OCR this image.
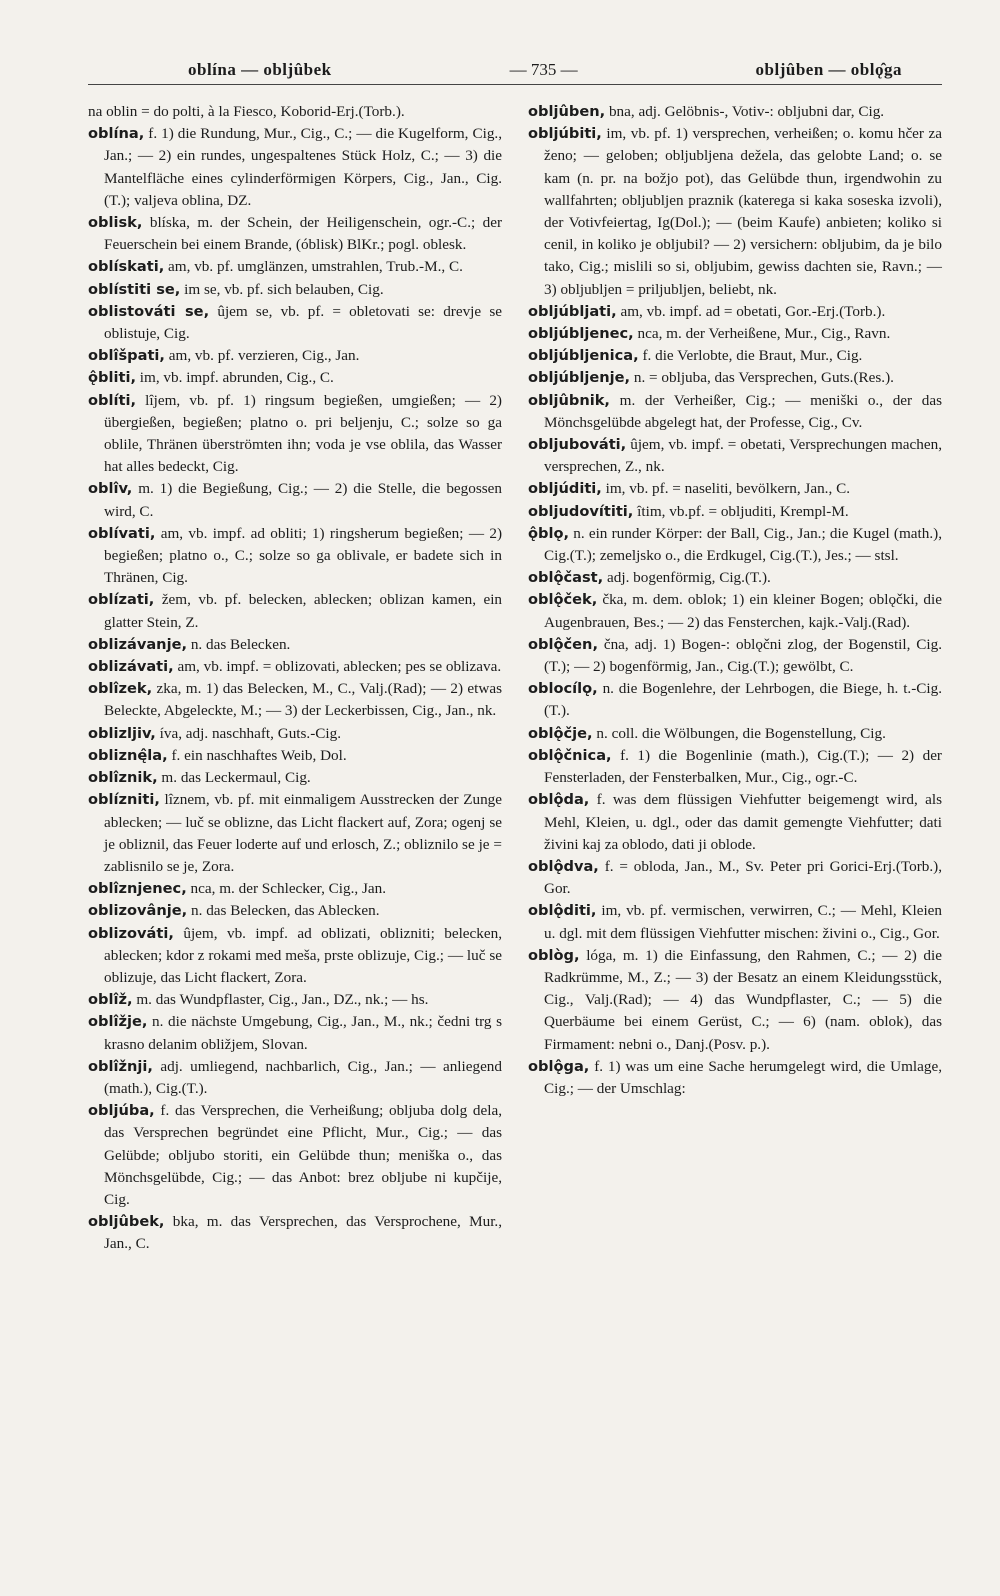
oblína — obljûbek	— 735 —	obljûben — oblǫ̂ga
na oblin = do polti, à la Fiesco, Koborid-Erj.(Torb.).
oblína, f. 1) die Rundung, Mur., Cig., C.; — die Kugelform, Cig., Jan.; — 2) ein rundes, ungespaltenes Stück Holz, C.; — 3) die Mantelfläche eines cylinderförmigen Körpers, Cig., Jan., Cig.(T.); valjeva oblina, DZ.
oblisk, blíska, m. der Schein, der Heiligenschein, ogr.-C.; der Feuerschein bei einem Brande, (óblisk) BlKr.; pogl. oblesk.
oblískati, am, vb. pf. umglänzen, umstrahlen, Trub.-M., C.
oblístiti se, im se, vb. pf. sich belauben, Cig.
oblistováti se, ûjem se, vb. pf. = obletovati se: drevje se oblistuje, Cig.
oblîšpati, am, vb. pf. verzieren, Cig., Jan.
ǫ̂bliti, im, vb. impf. abrunden, Cig., C.
oblíti, lîjem, vb. pf. 1) ringsum begießen, umgießen; — 2) übergießen, begießen; platno o. pri beljenju, C.; solze so ga oblile, Thränen überströmten ihn; voda je vse oblila, das Wasser hat alles bedeckt, Cig.
oblîv, m. 1) die Begießung, Cig.; — 2) die Stelle, die begossen wird, C.
oblívati, am, vb. impf. ad obliti; 1) ringsherum begießen; — 2) begießen; platno o., C.; solze so ga oblivale, er badete sich in Thränen, Cig.
oblízati, žem, vb. pf. belecken, ablecken; oblizan kamen, ein glatter Stein, Z.
oblizávanje, n. das Belecken.
oblizávati, am, vb. impf. = oblizovati, ablecken; pes se oblizava.
oblîzek, zka, m. 1) das Belecken, M., C., Valj.(Rad); — 2) etwas Beleckte, Abgeleckte, M.; — 3) der Leckerbissen, Cig., Jan., nk.
oblizljiv, íva, adj. naschhaft, Guts.-Cig.
obliznę̂la, f. ein naschhaftes Weib, Dol.
oblîznik, m. das Leckermaul, Cig.
oblízniti, lîznem, vb. pf. mit einmaligem Ausstrecken der Zunge ablecken; — luč se oblizne, das Licht flackert auf, Zora; ogenj se je obliznil, das Feuer loderte auf und erlosch, Z.; obliznilo se je = zablisnilo se je, Zora.
oblîznjenec, nca, m. der Schlecker, Cig., Jan.
oblizovânje, n. das Belecken, das Ablecken.
oblizováti, ûjem, vb. impf. ad oblizati, oblizniti; belecken, ablecken; kdor z rokami med meša, prste oblizuje, Cig.; — luč se oblizuje, das Licht flackert, Zora.
oblîž, m. das Wundpflaster, Cig., Jan., DZ., nk.; — hs.
oblîžje, n. die nächste Umgebung, Cig., Jan., M., nk.; čedni trg s krasno delanim obližjem, Slovan.
oblîžnji, adj. umliegend, nachbarlich, Cig., Jan.; — anliegend (math.), Cig.(T.).
obljúba, f. das Versprechen, die Verheißung; obljuba dolg dela, das Versprechen begründet eine Pflicht, Mur., Cig.; — das Gelübde; obljubo storiti, ein Gelübde thun; meniška o., das Mönchsgelübde, Cig.; — das Anbot: brez obljube ni kupčije, Cig.
obljûbek, bka, m. das Versprechen, das Versprochene, Mur., Jan., C.
obljûben, bna, adj. Gelöbnis-, Votiv-: obljubni dar, Cig.
obljúbiti, im, vb. pf. 1) versprechen, verheißen; o. komu hčer za ženo; — geloben; obljubljena dežela, das gelobte Land; o. se kam (n. pr. na božjo pot), das Gelübde thun, irgendwohin zu wallfahrten; obljubljen praznik (katerega si kaka soseska izvoli), der Votivfeiertag, Ig(Dol.); — (beim Kaufe) anbieten; koliko si cenil, in koliko je obljubil? — 2) versichern: obljubim, da je bilo tako, Cig.; mislili so si, obljubim, gewiss dachten sie, Ravn.; — 3) obljubljen = priljubljen, beliebt, nk.
obljúbljati, am, vb. impf. ad = obetati, Gor.-Erj.(Torb.).
obljúbljenec, nca, m. der Verheißene, Mur., Cig., Ravn.
obljúbljenica, f. die Verlobte, die Braut, Mur., Cig.
obljúbljenje, n. = obljuba, das Versprechen, Guts.(Res.).
obljûbnik, m. der Verheißer, Cig.; — meniški o., der das Mönchsgelübde abgelegt hat, der Professe, Cig., Cv.
obljubováti, ûjem, vb. impf. = obetati, Versprechungen machen, versprechen, Z., nk.
obljúditi, im, vb. pf. = naseliti, bevölkern, Jan., C.
obljudovítiti, îtim, vb.pf. = obljuditi, Krempl-M.
ǫ̂blǫ, n. ein runder Körper: der Ball, Cig., Jan.; die Kugel (math.), Cig.(T.); zemeljsko o., die Erdkugel, Cig.(T.), Jes.; — stsl.
oblǫ̂čast, adj. bogenförmig, Cig.(T.).
oblǫ̂ček, čka, m. dem. oblok; 1) ein kleiner Bogen; oblǫčki, die Augenbrauen, Bes.; — 2) das Fensterchen, kajk.-Valj.(Rad).
oblǫ̂čen, čna, adj. 1) Bogen-: oblǫčni zlog, der Bogenstil, Cig.(T.); — 2) bogenförmig, Jan., Cig.(T.); gewölbt, C.
oblocílǫ, n. die Bogenlehre, der Lehrbogen, die Biege, h. t.-Cig.(T.).
oblǫ̂čje, n. coll. die Wölbungen, die Bogenstellung, Cig.
oblǫ̂čnica, f. 1) die Bogenlinie (math.), Cig.(T.); — 2) der Fensterladen, der Fensterbalken, Mur., Cig., ogr.-C.
oblǫ̂da, f. was dem flüssigen Viehfutter beigemengt wird, als Mehl, Kleien, u. dgl., oder das damit gemengte Viehfutter; dati živini kaj za oblodo, dati ji oblode.
oblǫ̂dva, f. = obloda, Jan., M., Sv. Peter pri Gorici-Erj.(Torb.), Gor.
oblǫ̂diti, im, vb. pf. vermischen, verwirren, C.; — Mehl, Kleien u. dgl. mit dem flüssigen Viehfutter mischen: živini o., Cig., Gor.
oblòg, lóga, m. 1) die Einfassung, den Rahmen, C.; — 2) die Radkrümme, M., Z.; — 3) der Besatz an einem Kleidungsstück, Cig., Valj.(Rad); — 4) das Wundpflaster, C.; — 5) die Querbäume bei einem Gerüst, C.; — 6) (nam. oblok), das Firmament: nebni o., Danj.(Posv. p.).
oblǫ̂ga, f. 1) was um eine Sache herumgelegt wird, die Umlage, Cig.; — der Umschlag:
